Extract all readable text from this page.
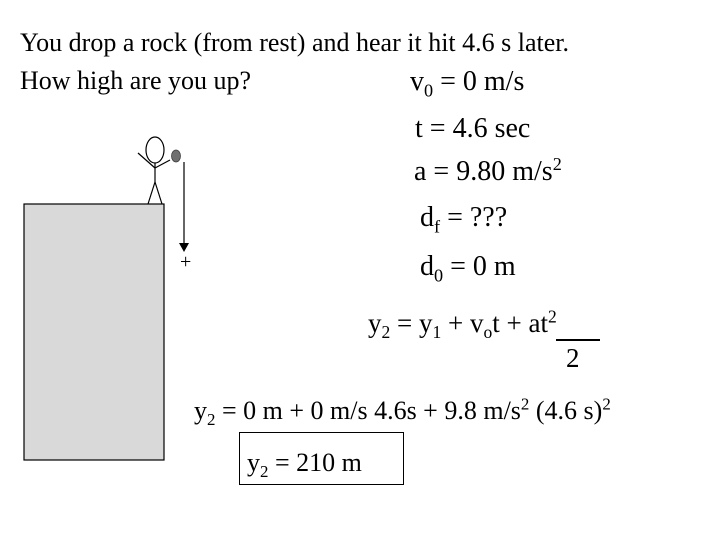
You drop a rock (from rest) and hear it hit 4.6 s later.
How high are you up?	$v_0 = 0$ m/s
t = 4.6 sec
a = 9.80 $m/s^2$
$d_f$ = ???
$d_0 = 0$ m
+
$y_2 = y_1 + v_ot + at^2$
2
$y_2 = 0$ m + 0 m/s 4.6s + 9.8 $m/s^2$ (4.6 s)$^2$
$y_2 = 210$ m
